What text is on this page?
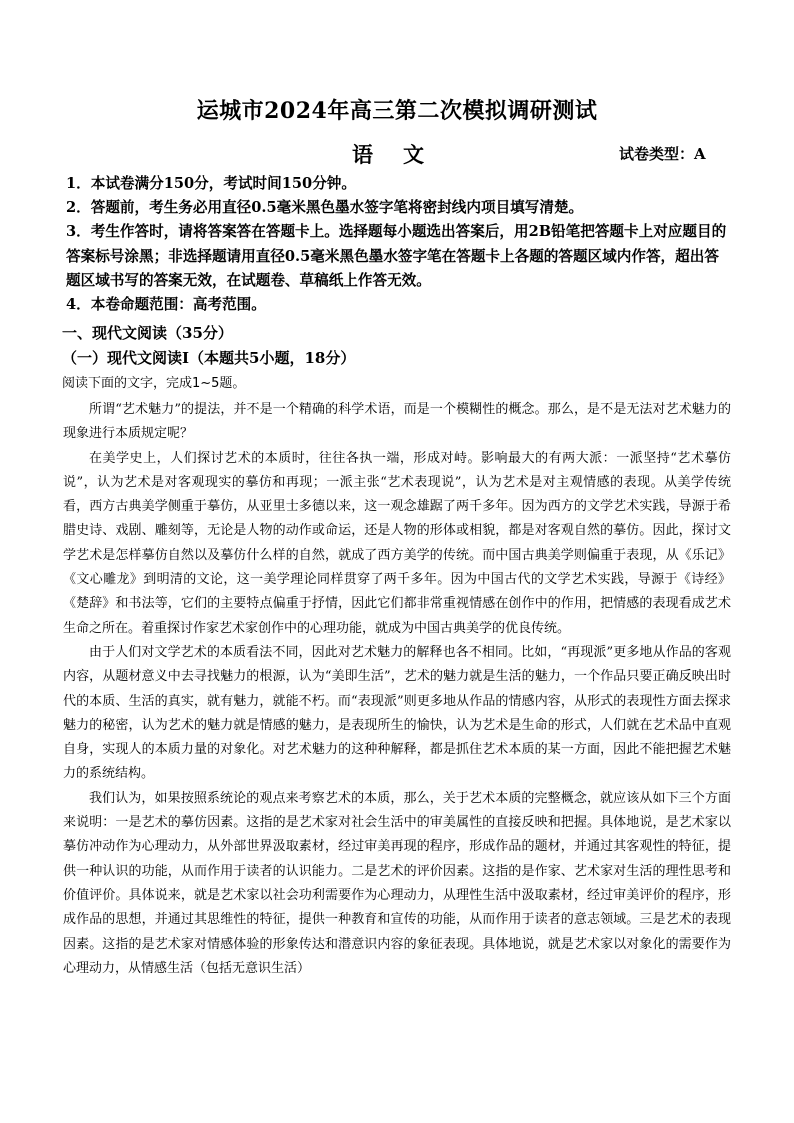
运城市2024年高三第二次模拟调研测试
语文	试卷类型：A

1．本试卷满分150分，考试时间150分钟。

2．答题前，考生务必用直径0.5毫米黑色墨水签字笔将密封线内项目填写清楚。

3．考生作答时，请将答案答在答题卡上。选择题每小题选出答案后，用2B铅笔把答题卡上对应题目的答案标号涂黑；非选择题请用直径0.5毫米黑色墨水签字笔在答题卡上各题的答题区域内作答，超出答题区域书写的答案无效，在试题卷、草稿纸上作答无效。

4．本卷命题范围：高考范围。

一、现代文阅读（35分）
（一）现代文阅读Ⅰ（本题共5小题，18分）
阅读下面的文字，完成1~5题。

所谓“艺术魅力”的提法，并不是一个精确的科学术语，而是一个模糊性的概念。那么，是不是无法对艺术魅力的现象进行本质规定呢？

在美学史上，人们探讨艺术的本质时，往往各执一端，形成对峙。影响最大的有两大派：一派坚持“艺术摹仿说”，认为艺术是对客观现实的摹仿和再现；一派主张“艺术表现说”，认为艺术是对主观情感的表现。从美学传统看，西方古典美学侧重于摹仿，从亚里士多德以来，这一观念雄踞了两千多年。因为西方的文学艺术实践，导源于希腊史诗、戏剧、雕刻等，无论是人物的动作或命运，还是人物的形体或相貌，都是对客观自然的摹仿。因此，探讨文学艺术是怎样摹仿自然以及摹仿什么样的自然，就成了西方美学的传统。而中国古典美学则偏重于表现，从《乐记》《文心雕龙》到明清的文论，这一美学理论同样贯穿了两千多年。因为中国古代的文学艺术实践，导源于《诗经》《楚辞》和书法等，它们的主要特点偏重于抒情，因此它们都非常重视情感在创作中的作用，把情感的表现看成艺术生命之所在。着重探讨作家艺术家创作中的心理功能，就成为中国古典美学的优良传统。

由于人们对文学艺术的本质看法不同，因此对艺术魅力的解释也各不相同。比如，“再现派”更多地从作品的客观内容，从题材意义中去寻找魅力的根源，认为“美即生活”，艺术的魅力就是生活的魅力，一个作品只要正确反映出时代的本质、生活的真实，就有魅力，就能不朽。而“表现派”则更多地从作品的情感内容，从形式的表现性方面去探求魅力的秘密，认为艺术的魅力就是情感的魅力，是表现所生的愉快，认为艺术是生命的形式，人们就在艺术品中直观自身，实现人的本质力量的对象化。对艺术魅力的这种种解释，都是抓住艺术本质的某一方面，因此不能把握艺术魅力的系统结构。

我们认为，如果按照系统论的观点来考察艺术的本质，那么，关于艺术本质的完整概念，就应该从如下三个方面来说明：一是艺术的摹仿因素。这指的是艺术家对社会生活中的审美属性的直接反映和把握。具体地说，是艺术家以摹仿冲动作为心理动力，从外部世界汲取素材，经过审美再现的程序，形成作品的题材，并通过其客观性的特征，提供一种认识的功能，从而作用于读者的认识能力。二是艺术的评价因素。这指的是作家、艺术家对生活的理性思考和价值评价。具体说来，就是艺术家以社会功利需要作为心理动力，从理性生活中汲取素材，经过审美评价的程序，形成作品的思想，并通过其思维性的特征，提供一种教育和宣传的功能，从而作用于读者的意志领域。三是艺术的表现因素。这指的是艺术家对情感体验的形象传达和潜意识内容的象征表现。具体地说，就是艺术家以对象化的需要作为心理动力，从情感生活（包括无意识生活）
